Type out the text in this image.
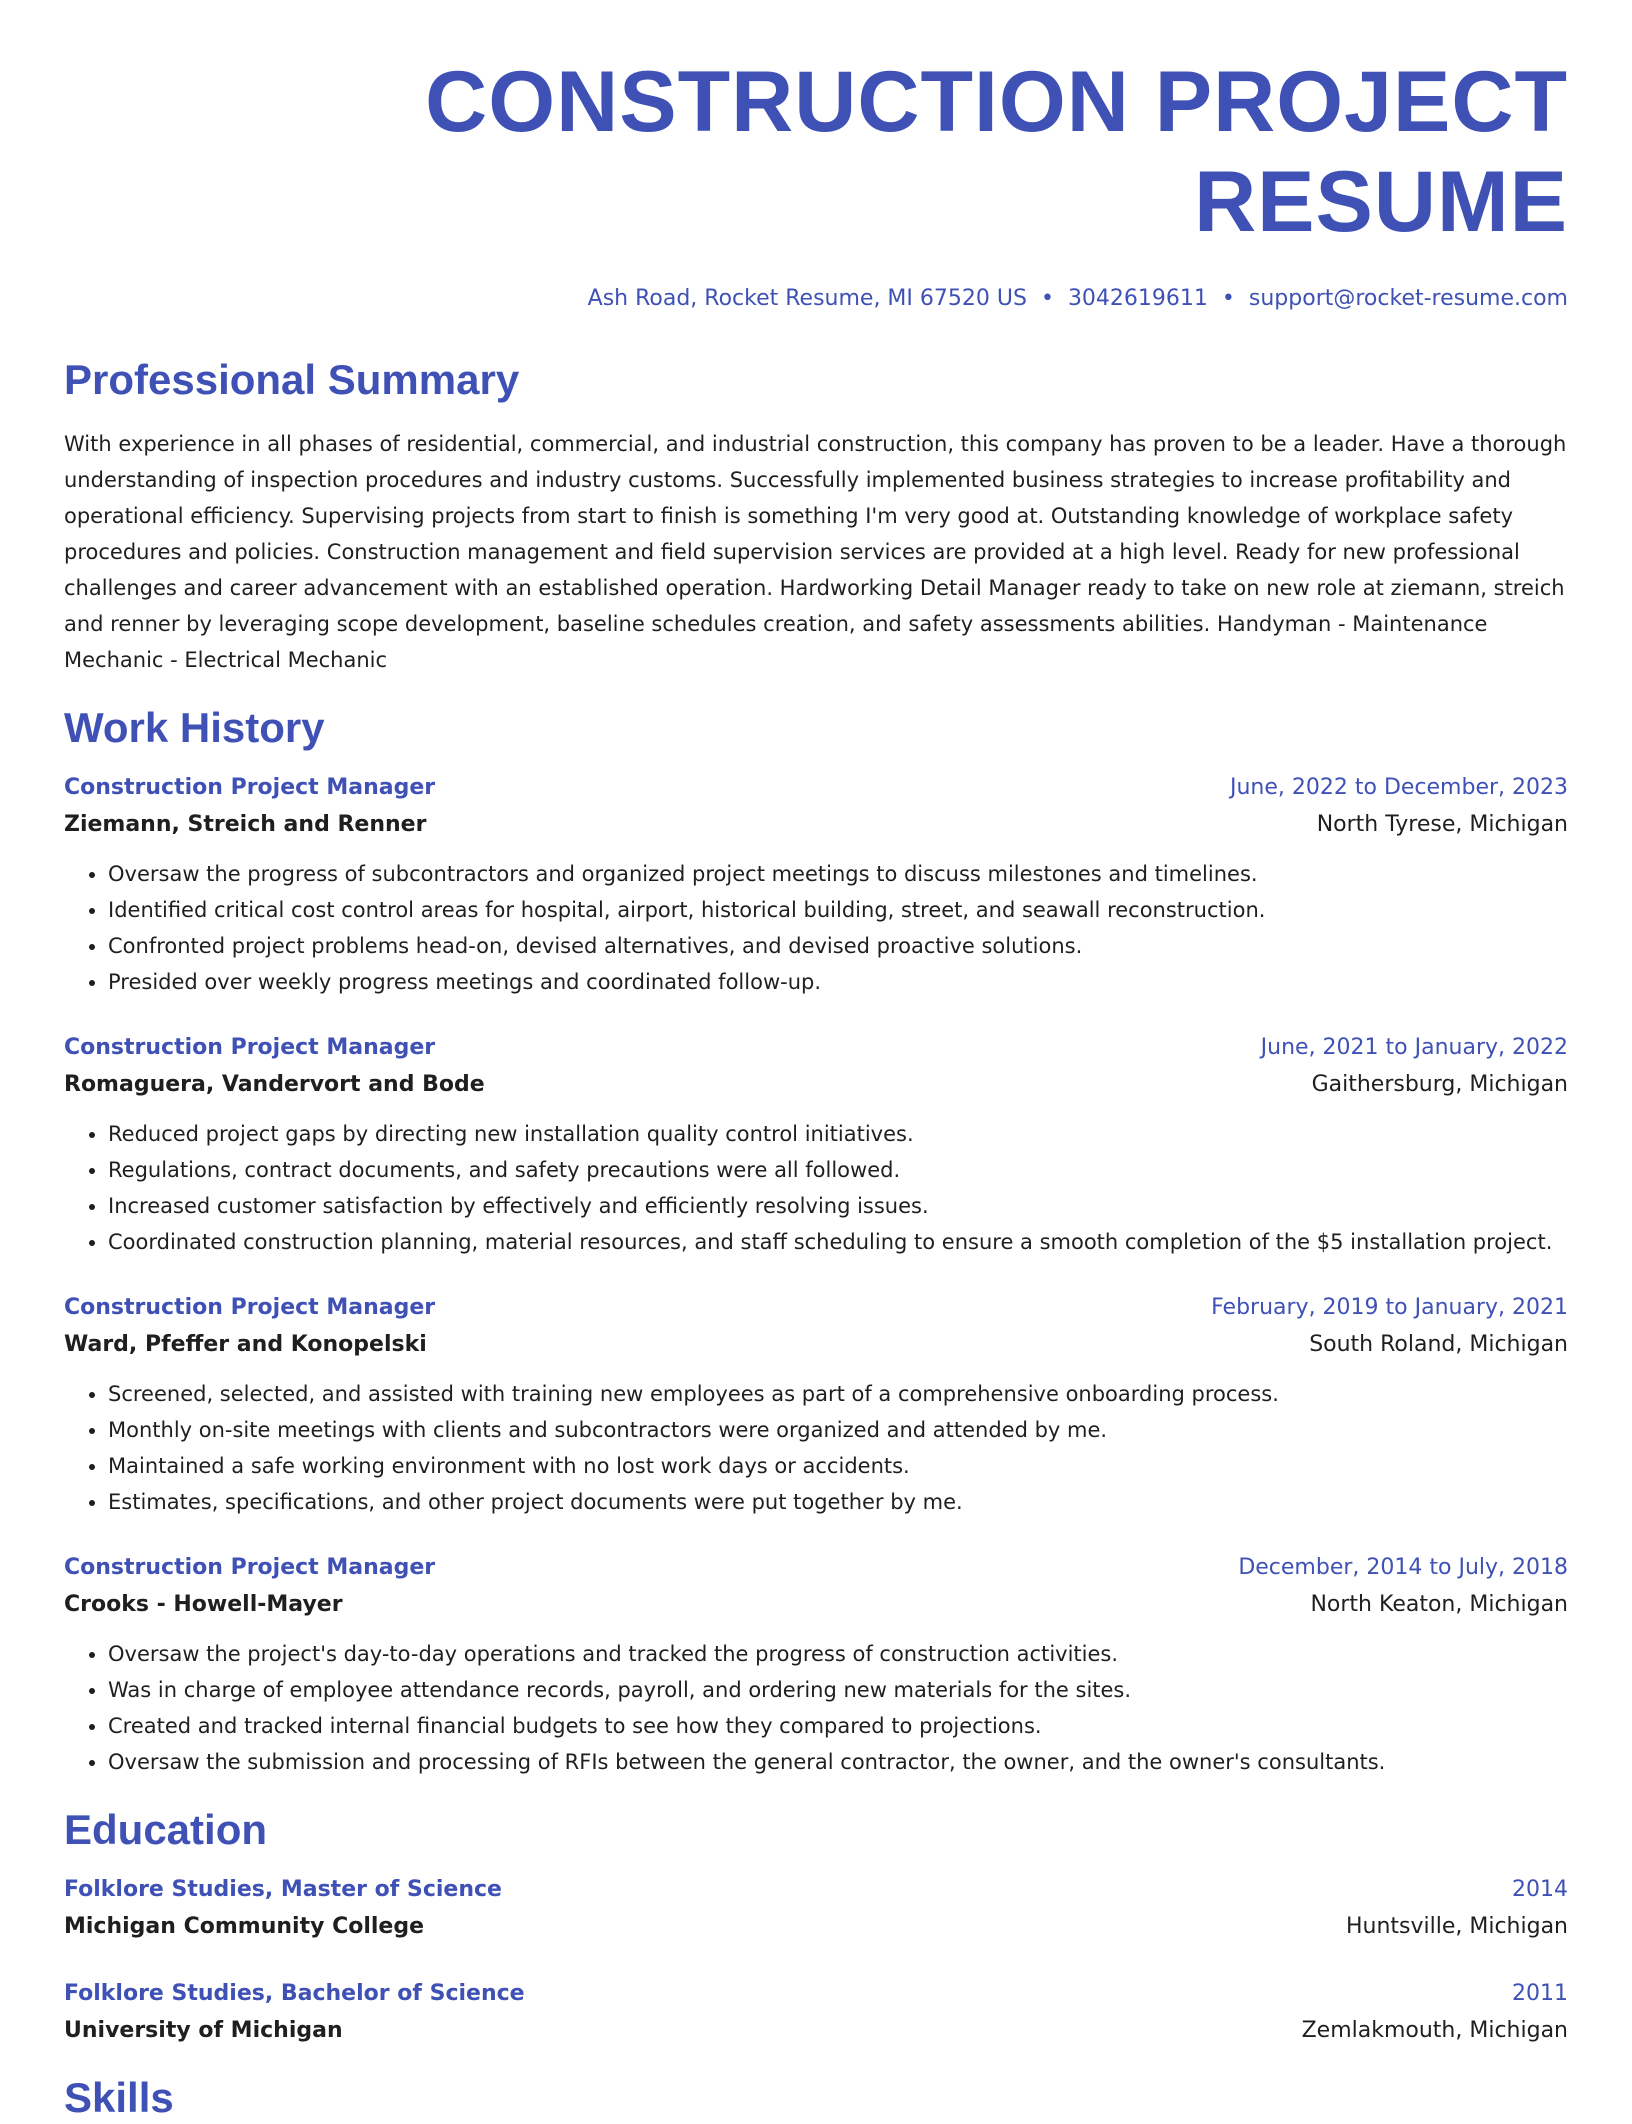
CONSTRUCTION PROJECT RESUME
Ash Road, Rocket Resume, MI 67520 US • 3042619611 • support@rocket-resume.com
Professional Summary

With experience in all phases of residential, commercial, and industrial construction, this company has proven to be a leader. Have a thorough understanding of inspection procedures and industry customs. Successfully implemented business strategies to increase profitability and operational efficiency. Supervising projects from start to finish is something I'm very good at. Outstanding knowledge of workplace safety procedures and policies. Construction management and field supervision services are provided at a high level. Ready for new professional challenges and career advancement with an established operation. Hardworking Detail Manager ready to take on new role at ziemann, streich and renner by leveraging scope development, baseline schedules creation, and safety assessments abilities. Handyman - Maintenance Mechanic - Electrical Mechanic

Work History
Construction Project Manager	June, 2022 to December, 2023
Ziemann, Streich and Renner	North Tyrese, Michigan
• Oversaw the progress of subcontractors and organized project meetings to discuss milestones and timelines.
• Identified critical cost control areas for hospital, airport, historical building, street, and seawall reconstruction.
• Confronted project problems head-on, devised alternatives, and devised proactive solutions.
• Presided over weekly progress meetings and coordinated follow-up.
Construction Project Manager	June, 2021 to January, 2022
Romaguera, Vandervort and Bode	Gaithersburg, Michigan
• Reduced project gaps by directing new installation quality control initiatives.
• Regulations, contract documents, and safety precautions were all followed.
• Increased customer satisfaction by effectively and efficiently resolving issues.
• Coordinated construction planning, material resources, and staff scheduling to ensure a smooth completion of the $5 installation project.
Construction Project Manager	February, 2019 to January, 2021
Ward, Pfeffer and Konopelski	South Roland, Michigan
• Screened, selected, and assisted with training new employees as part of a comprehensive onboarding process.
• Monthly on-site meetings with clients and subcontractors were organized and attended by me.
• Maintained a safe working environment with no lost work days or accidents.
• Estimates, specifications, and other project documents were put together by me.
Construction Project Manager	December, 2014 to July, 2018
Crooks - Howell-Mayer	North Keaton, Michigan
• Oversaw the project's day-to-day operations and tracked the progress of construction activities.
• Was in charge of employee attendance records, payroll, and ordering new materials for the sites.
• Created and tracked internal financial budgets to see how they compared to projections.
• Oversaw the submission and processing of RFIs between the general contractor, the owner, and the owner's consultants.
Education
Folklore Studies, Master of Science	2014
Michigan Community College	Huntsville, Michigan
Folklore Studies, Bachelor of Science	2011
University of Michigan	Zemlakmouth, Michigan
Skills
